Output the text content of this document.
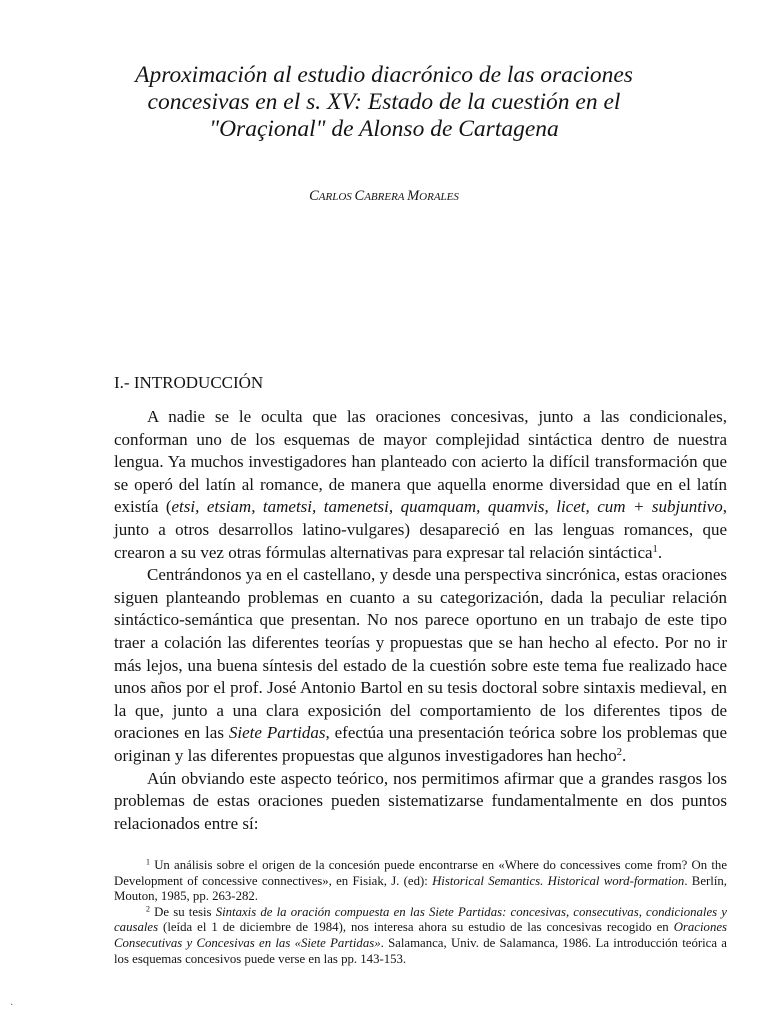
Aproximación al estudio diacrónico de las oraciones
concesivas en el s. XV: Estado de la cuestión en el
"Oraçional" de Alonso de Cartagena
CARLOS CABRERA MORALES
I.- INTRODUCCIÓN

A nadie se le oculta que las oraciones concesivas, junto a las condicionales, conforman uno de los esquemas de mayor complejidad sintáctica dentro de nuestra lengua. Ya muchos investigadores han planteado con acierto la difícil transformación que se operó del latín al romance, de manera que aquella enorme diversidad que en el latín existía (etsi, etsiam, tametsi, tamenetsi, quamquam, quamvis, licet, cum + subjuntivo, junto a otros desarrollos latino-vulgares) desapareció en las lenguas romances, que crearon a su vez otras fórmulas alternativas para expresar tal relación sintáctica$^1$.

Centrándonos ya en el castellano, y desde una perspectiva sincrónica, estas oraciones siguen planteando problemas en cuanto a su categorización, dada la peculiar relación sintáctico-semántica que presentan. No nos parece oportuno en un trabajo de este tipo traer a colación las diferentes teorías y propuestas que se han hecho al efecto. Por no ir más lejos, una buena síntesis del estado de la cuestión sobre este tema fue realizado hace unos años por el prof. José Antonio Bartol en su tesis doctoral sobre sintaxis medieval, en la que, junto a una clara exposición del comportamiento de los diferentes tipos de oraciones en las Siete Partidas, efectúa una presentación teórica sobre los problemas que originan y las diferentes propuestas que algunos investigadores han hecho$^2$.

Aún obviando este aspecto teórico, nos permitimos afirmar que a grandes rasgos los problemas de estas oraciones pueden sistematizarse fundamentalmente en dos puntos relacionados entre sí:

$^1$ Un análisis sobre el origen de la concesión puede encontrarse en «Where do concessives come from? On the Development of concessive connectives», en Fisiak, J. (ed): Historical Semantics. Historical word-formation. Berlín, Mouton, 1985, pp. 263-282.

$^2$ De su tesis Sintaxis de la oración compuesta en las Siete Partidas: concesivas, consecutivas, condicionales y causales (leída el 1 de diciembre de 1984), nos interesa ahora su estudio de las concesivas recogido en Oraciones Consecutivas y Concesivas en las «Siete Partidas». Salamanca, Univ. de Salamanca, 1986. La introducción teórica a los esquemas concesivos puede verse en las pp. 143-153.

·
